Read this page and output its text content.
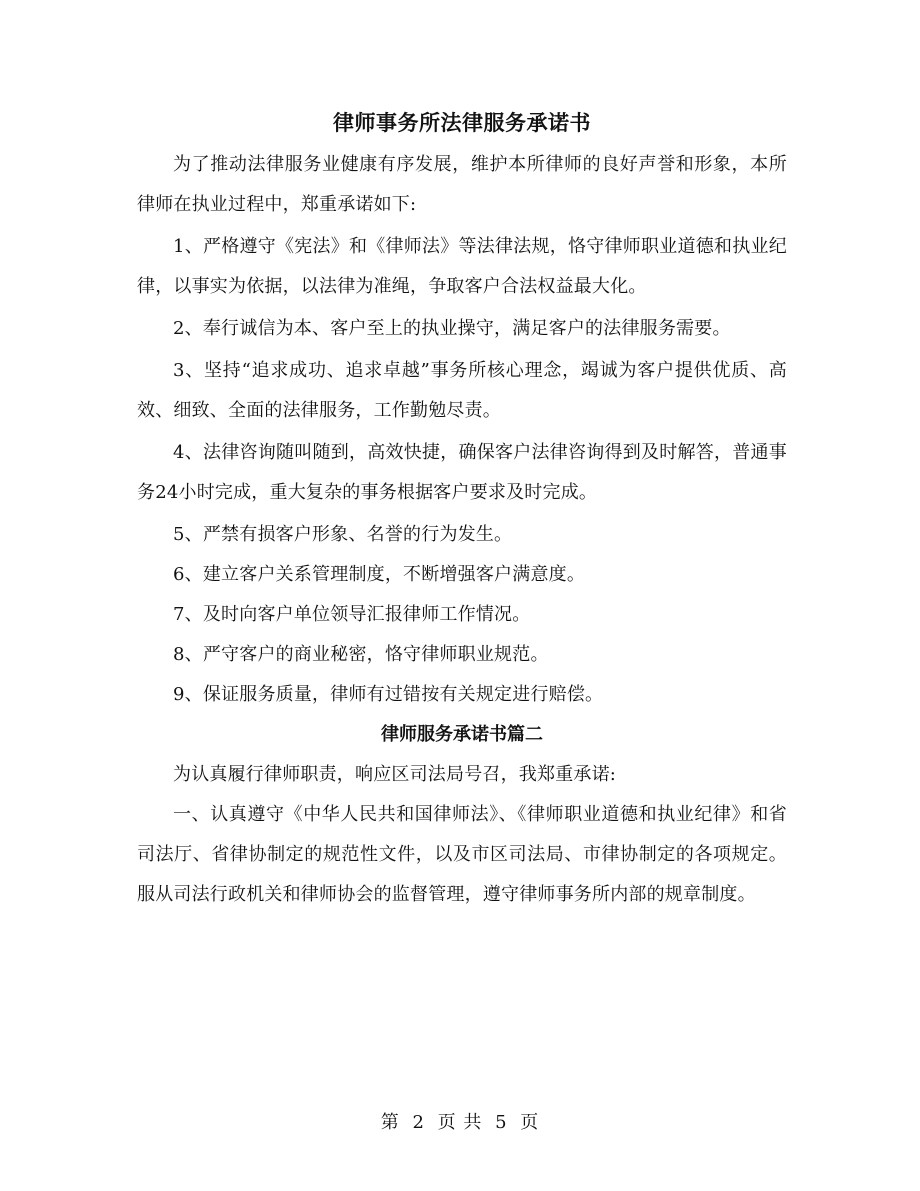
律师事务所法律服务承诺书

为了推动法律服务业健康有序发展，维护本所律师的良好声誉和形象，本所律师在执业过程中，郑重承诺如下:

1、严格遵守《宪法》和《律师法》等法律法规，恪守律师职业道德和执业纪律，以事实为依据，以法律为准绳，争取客户合法权益最大化。

2、奉行诚信为本、客户至上的执业操守，满足客户的法律服务需要。

3、坚持“追求成功、追求卓越”事务所核心理念，竭诚为客户提供优质、高效、细致、全面的法律服务，工作勤勉尽责。

4、法律咨询随叫随到，高效快捷，确保客户法律咨询得到及时解答，普通事务24小时完成，重大复杂的事务根据客户要求及时完成。

5、严禁有损客户形象、名誉的行为发生。

6、建立客户关系管理制度，不断增强客户满意度。

7、及时向客户单位领导汇报律师工作情况。

8、严守客户的商业秘密，恪守律师职业规范。

9、保证服务质量，律师有过错按有关规定进行赔偿。

律师服务承诺书篇二

为认真履行律师职责，响应区司法局号召，我郑重承诺:

一、认真遵守《中华人民共和国律师法》、《律师职业道德和执业纪律》和省司法厅、省律协制定的规范性文件，以及市区司法局、市律协制定的各项规定。服从司法行政机关和律师协会的监督管理，遵守律师事务所内部的规章制度。

第 2 页 共 5 页
